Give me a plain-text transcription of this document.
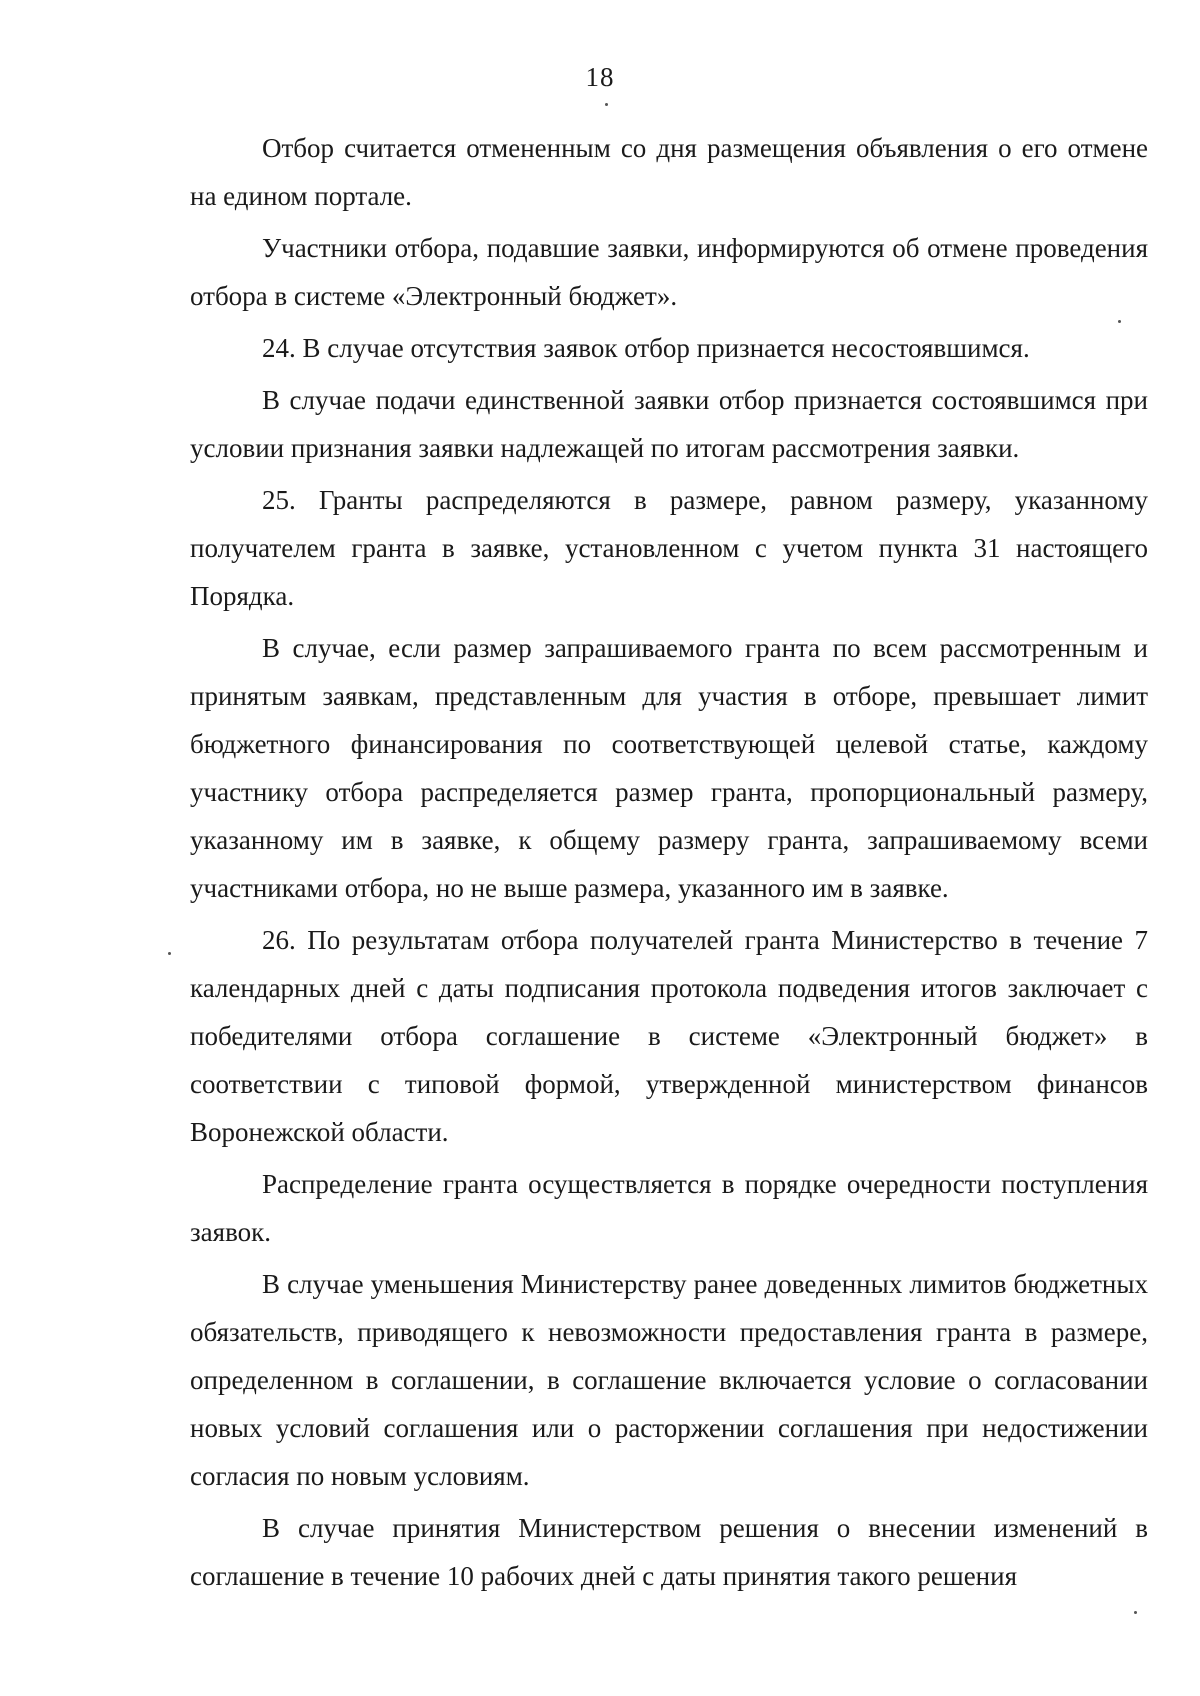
18

Отбор считается отмененным со дня размещения объявления о его отмене на едином портале.

Участники отбора, подавшие заявки, информируются об отмене проведения отбора в системе «Электронный бюджет».

24. В случае отсутствия заявок отбор признается несостоявшимся.

В случае подачи единственной заявки отбор признается состоявшимся при условии признания заявки надлежащей по итогам рассмотрения заявки.

25. Гранты распределяются в размере, равном размеру, указанному получателем гранта в заявке, установленном с учетом пункта 31 настоящего Порядка.

В случае, если размер запрашиваемого гранта по всем рассмотренным и принятым заявкам, представленным для участия в отборе, превышает лимит бюджетного финансирования по соответствующей целевой статье, каждому участнику отбора распределяется размер гранта, пропорциональный размеру, указанному им в заявке, к общему размеру гранта, запрашиваемому всеми участниками отбора, но не выше размера, указанного им в заявке.

26. По результатам отбора получателей гранта Министерство в течение 7 календарных дней с даты подписания протокола подведения итогов заключает с победителями отбора соглашение в системе «Электронный бюджет» в соответствии с типовой формой, утвержденной министерством финансов Воронежской области.

Распределение гранта осуществляется в порядке очередности поступления заявок.

В случае уменьшения Министерству ранее доведенных лимитов бюджетных обязательств, приводящего к невозможности предоставления гранта в размере, определенном в соглашении, в соглашение включается условие о согласовании новых условий соглашения или о расторжении соглашения при недостижении согласия по новым условиям.

В случае принятия Министерством решения о внесении изменений в соглашение в течение 10 рабочих дней с даты принятия такого решения
